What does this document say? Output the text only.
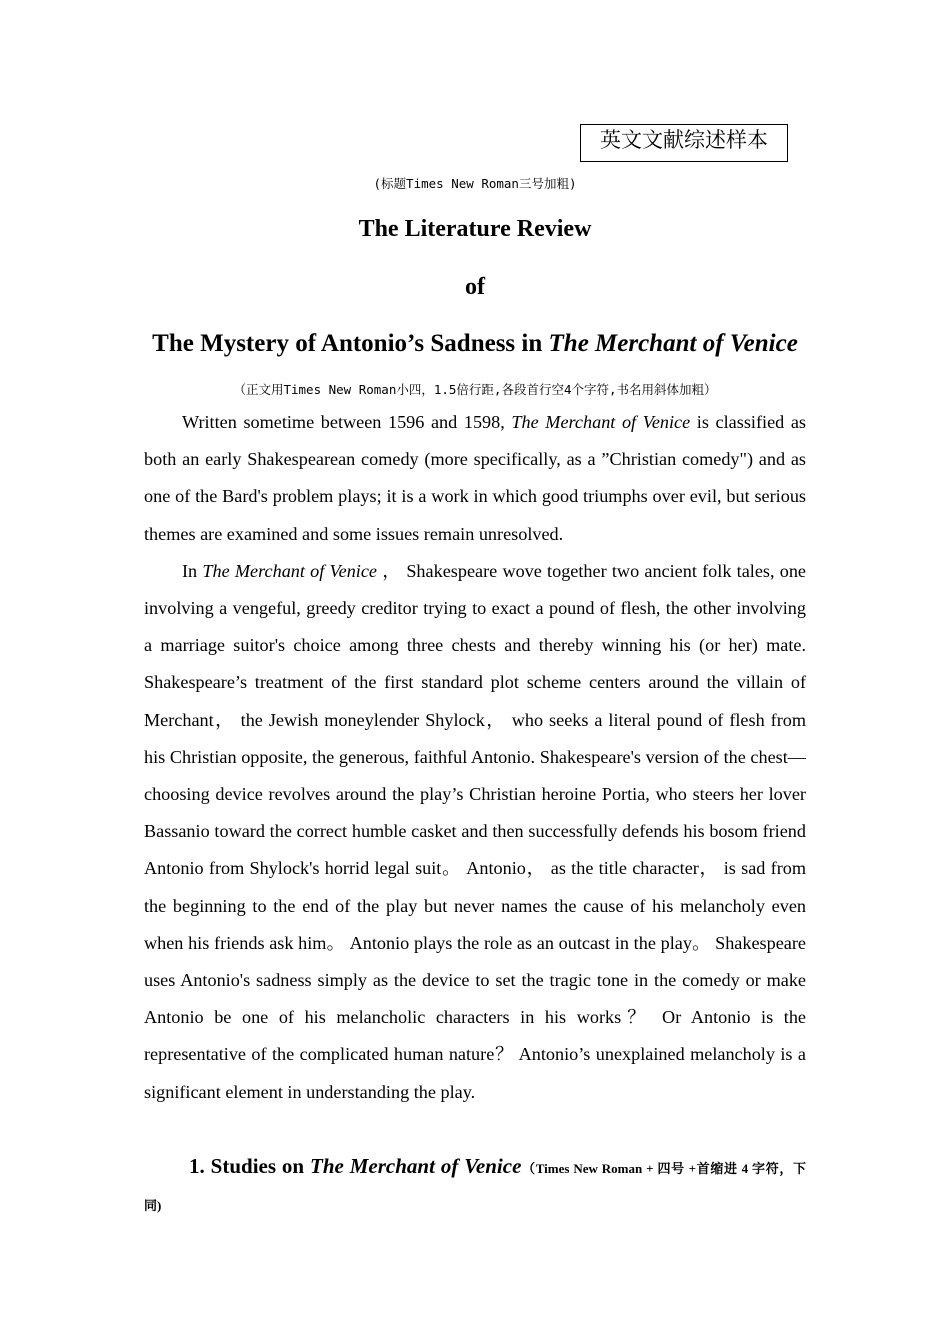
英文文献综述样本
(标题Times New Roman三号加粗)
The Literature Review
of
The Mystery of Antonio’s Sadness in The Merchant of Venice
（正文用Times New Roman小四，1.5倍行距,各段首行空4个字符,书名用斜体加粗）

Written sometime between 1596 and 1598, The Merchant of Venice is classified as both an early Shakespearean comedy (more specifically, as a ”Christian comedy") and as one of the Bard's problem plays; it is a work in which good triumphs over evil, but serious themes are examined and some issues remain unresolved.

In The Merchant of Venice ， Shakespeare wove together two ancient folk tales, one involving a vengeful, greedy creditor trying to exact a pound of flesh, the other involving a marriage suitor's choice among three chests and thereby winning his (or her) mate. Shakespeare’s treatment of the first standard plot scheme centers around the villain of Merchant， the Jewish moneylender Shylock， who seeks a literal pound of flesh from his Christian opposite, the generous, faithful Antonio. Shakespeare's version of the chest—choosing device revolves around the play’s Christian heroine Portia, who steers her lover Bassanio toward the correct humble casket and then successfully defends his bosom friend Antonio from Shylock's horrid legal suit。 Antonio， as the title character， is sad from the beginning to the end of the play but never names the cause of his melancholy even when his friends ask him。 Antonio plays the role as an outcast in the play。 Shakespeare uses Antonio's sadness simply as the device to set the tragic tone in the comedy or make Antonio be one of his melancholic characters in his works？ Or Antonio is the representative of the complicated human nature？ Antonio’s unexplained melancholy is a significant element in understanding the play.

1. Studies on The Merchant of Venice（Times New Roman + 四号 +首缩进 4 字符，下同)
